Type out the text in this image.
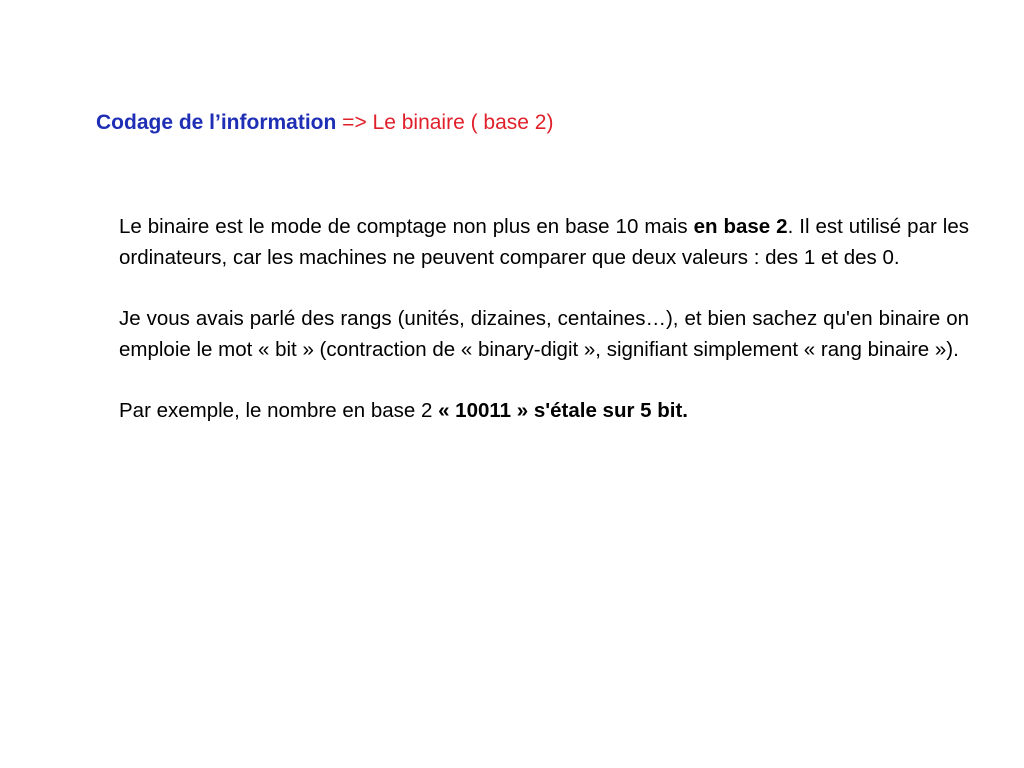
Codage de l’information => Le binaire ( base 2)

Le binaire est le mode de comptage non plus en base 10 mais en base 2. Il est utilisé par les ordinateurs, car les machines ne peuvent comparer que deux valeurs : des 1 et des 0.

Je vous avais parlé des rangs (unités, dizaines, centaines…), et bien sachez qu'en binaire on emploie le mot « bit » (contraction de « binary-digit », signifiant simplement « rang binaire »).

Par exemple, le nombre en base 2 « 10011 » s'étale sur 5 bit.
